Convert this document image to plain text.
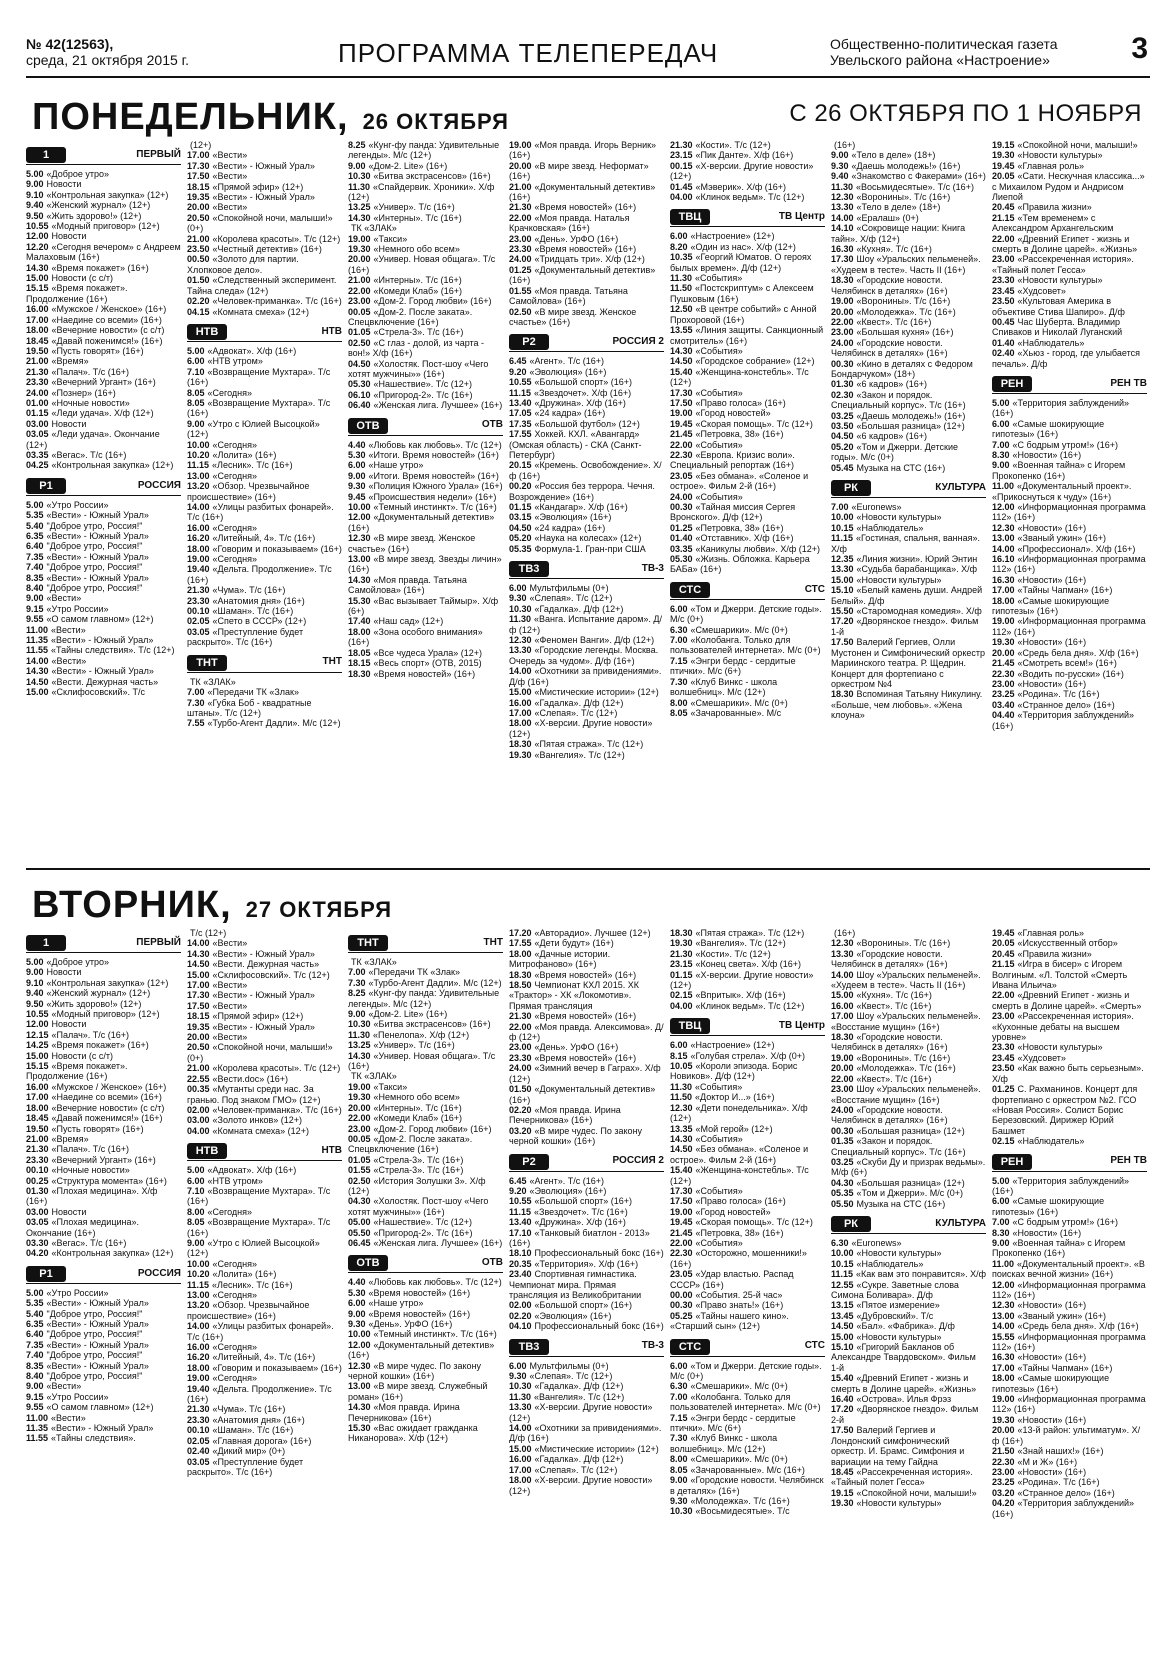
№ 42(12563),
среда, 21 октября 2015 г.	ПРОГРАММА ТЕЛЕПЕРЕДАЧ	Общественно-политическая газета
Увельского района «Настроение»	3
ПОНЕДЕЛЬНИК, 26 ОКТЯБРЯ	С 26 ОКТЯБРЯ ПО 1 НОЯБРЯ
1	ПЕРВЫЙ
5.00 «Доброе утро»
9.00 Новости
9.10 «Контрольная закупка» (12+)
9.40 «Женский журнал» (12+)
9.50 «Жить здорово!» (12+)
10.55 «Модный приговор» (12+)
12.00 Новости
12.20 «Сегодня вечером» с Андреем Малаховым (16+)
14.30 «Время покажет» (16+)
15.00 Новости (с с/т)
15.15 «Время покажет». Продолжение (16+)
16.00 «Мужское / Женское» (16+)
17.00 «Наедине со всеми» (16+)
18.00 «Вечерние новости» (с с/т)
18.45 «Давай поженимся!» (16+)
19.50 «Пусть говорят» (16+)
21.00 «Время»
21.30 «Палач». Т/с (16+)
23.30 «Вечерний Ургант» (16+)
24.00 «Познер» (16+)
01.00 «Ночные новости»
01.15 «Леди удача». Х/ф (12+)
03.00 Новости
03.05 «Леди удача». Окончание (12+)
03.35 «Вегас». Т/с (16+)
04.25 «Контрольная закупка» (12+)
Р1	РОССИЯ
5.00 «Утро России»
5.35 «Вести» - Южный Урал»
5.40 "Доброе утро, Россия!"
6.35 «Вести» - Южный Урал»
6.40 "Доброе утро, Россия!"
7.35 «Вести» - Южный Урал»
7.40 "Доброе утро, Россия!"
8.35 «Вести» - Южный Урал»
8.40 "Доброе утро, Россия!"
9.00 «Вести»
9.15 «Утро России»
9.55 «О самом главном» (12+)
11.00 «Вести»
11.35 «Вести» - Южный Урал»
11.55 «Тайны следствия». Т/с (12+)
14.00 «Вести»
14.30 «Вести» - Южный Урал»
14.50 «Вести. Дежурная часть»
15.00 «Склифосовский». Т/с
(12+)
17.00 «Вести»
17.30 «Вести» - Южный Урал»
17.50 «Вести»
18.15 «Прямой эфир» (12+)
19.35 «Вести» - Южный Урал»
20.00 «Вести»
20.50 «Спокойной ночи, малыши!» (0+)
21.00 «Королева красоты». Т/с (12+)
23.50 «Честный детектив» (16+)
00.50 «Золото для партии. Хлопковое дело».
01.50 «Следственный эксперимент. Тайна следа» (12+)
02.20 «Человек-приманка». Т/с (16+)
04.15 «Комната смеха» (12+)
НТВ	НТВ
5.00 «Адвокат». Х/ф (16+)
6.00 «НТВ утром»
7.10 «Возвращение Мухтара». Т/с (16+)
8.05 «Сегодня»
8.05 «Возвращение Мухтара». Т/с (16+)
9.00 «Утро с Юлией Высоцкой» (12+)
10.00 «Сегодня»
10.20 «Лолита» (16+)
11.15 «Лесник». Т/с (16+)
13.00 «Сегодня»
13.20 «Обзор. Чрезвычайное происшествие» (16+)
14.00 «Улицы разбитых фонарей». Т/с (16+)
16.00 «Сегодня»
16.20 «Литейный, 4». Т/с (16+)
18.00 «Говорим и показываем» (16+)
19.00 «Сегодня»
19.40 «Дельта. Продолжение». Т/с (16+)
21.30 «Чума». Т/с (16+)
23.30 «Анатомия дня» (16+)
00.10 «Шаман». Т/с (16+)
02.05 «Спето в СССР» (12+)
03.05 «Преступление будет раскрыто». Т/с (16+)
ТНТ	ТНТ
ТК «ЗЛАК»
7.00 «Передачи ТК «Злак»
7.30 «Губка Боб - квадратные штаны». Т/с (12+)
7.55 «Турбо-Агент Дадли». М/с (12+)
8.25 «Кунг-фу панда: Удивительные легенды». М/с (12+)
9.00 «Дом-2. Lite» (16+)
10.30 «Битва экстрасенсов» (16+)
11.30 «Спайдервик. Хроники». Х/ф (12+)
13.25 «Универ». Т/с (16+)
14.30 «Интерны». Т/с (16+)
ТК «ЗЛАК»
19.00 «Такси»
19.30 «Немного обо всем»
20.00 «Универ. Новая общага». Т/с (16+)
21.00 «Интерны». Т/с (16+)
22.00 «Комеди Клаб» (16+)
23.00 «Дом-2. Город любви» (16+)
00.05 «Дом-2. После заката». Спецвключение (16+)
01.05 «Стрела-3». Т/с (16+)
02.50 «С глаз - долой, из чарта - вон!» Х/ф (16+)
04.50 «Холостяк. Пост-шоу «Чего хотят мужчины»» (16+)
05.30 «Нашествие». Т/с (12+)
06.10 «Пригород-2». Т/с (16+)
06.40 «Женская лига. Лучшее» (16+)
ОТВ	ОТВ
4.40 «Любовь как любовь». Т/с (12+)
5.30 «Итоги. Время новостей» (16+)
6.00 «Наше утро»
9.00 «Итоги. Время новостей» (16+)
9.30 «Полиция Южного Урала» (16+)
9.45 «Происшествия недели» (16+)
10.00 «Темный инстинкт». Т/с (16+)
12.00 «Документальный детектив» (16+)
12.30 «В мире звезд. Женское счастье» (16+)
13.00 «В мире звезд. Звезды личин» (16+)
14.30 «Моя правда. Татьяна Самойлова» (16+)
15.30 «Вас вызывает Таймыр». Х/ф (6+)
17.40 «Наш сад» (12+)
18.00 «Зона особого внимания» (16+)
18.05 «Все чудеса Урала» (12+)
18.15 «Весь спорт» (ОТВ, 2015)
18.30 «Время новостей» (16+)
19.00 «Моя правда. Игорь Верник» (16+)
20.00 «В мире звезд. Неформат» (16+)
21.00 «Документальный детектив» (16+)
21.30 «Время новостей» (16+)
22.00 «Моя правда. Наталья Крачковская» (16+)
23.00 «День». УрФО (16+)
23.30 «Время новостей» (16+)
24.00 «Тридцать три». Х/ф (12+)
01.25 «Документальный детектив» (16+)
01.55 «Моя правда. Татьяна Самойлова» (16+)
02.50 «В мире звезд. Женское счастье» (16+)
Р2	РОССИЯ 2
6.45 «Агент». Т/с (16+)
9.20 «Эволюция» (16+)
10.55 «Большой спорт» (16+)
11.15 «Звездочет». Х/ф (16+)
13.40 «Дружина». Х/ф (16+)
17.05 «24 кадра» (16+)
17.35 «Большой футбол» (12+)
17.55 Хоккей. КХЛ. «Авангард» (Омская область) - СКА (Санкт-Петербург)
20.15 «Кремень. Освобождение». Х/ф (16+)
00.20 «Россия без террора. Чечня. Возрождение» (16+)
01.15 «Кандагар». Х/ф (16+)
03.15 «Эволюция» (16+)
04.50 «24 кадра» (16+)
05.20 «Наука на колесах» (12+)
05.35 Формула-1. Гран-при США
ТВ3	ТВ-3
6.00 Мультфильмы (0+)
9.30 «Слепая». Т/с (12+)
10.30 «Гадалка». Д/ф (12+)
11.30 «Ванга. Испытание даром». Д/ф (12+)
12.30 «Феномен Ванги». Д/ф (12+)
13.30 «Городские легенды. Москва. Очередь за чудом». Д/ф (16+)
14.00 «Охотники за привидениями». Д/ф (16+)
15.00 «Мистические истории» (12+)
16.00 «Гадалка». Д/ф (12+)
17.00 «Слепая». Т/с (12+)
18.00 «Х-версии. Другие новости» (12+)
18.30 «Пятая стража». Т/с (12+)
19.30 «Вангелия». Т/с (12+)
21.30 «Кости». Т/с (12+)
23.15 «Пик Данте». Х/ф (16+)
00.15 «Х-версии. Другие новости» (12+)
01.45 «Мэверик». Х/ф (16+)
04.00 «Клинок ведьм». Т/с (12+)
ТВЦ	ТВ Центр
6.00 «Настроение» (12+)
8.20 «Один из нас». Х/ф (12+)
10.35 «Георгий Юматов. О героях былых времен». Д/ф (12+)
11.30 «События»
11.50 «Постскриптум» с Алексеем Пушковым (16+)
12.50 «В центре событий» с Анной Прохоровой (16+)
13.55 «Линия защиты. Санкционный смотритель» (16+)
14.30 «События»
14.50 «Городское собрание» (12+)
15.40 «Женщина-констебль». Т/с (12+)
17.30 «События»
17.50 «Право голоса» (16+)
19.00 «Город новостей»
19.45 «Скорая помощь». Т/с (12+)
21.45 «Петровка, 38» (16+)
22.00 «События»
22.30 «Европа. Кризис воли». Специальный репортаж (16+)
23.05 «Без обмана». «Соленое и острое». Фильм 2-й (16+)
24.00 «События»
00.30 «Тайная миссия Сергея Вронского». Д/ф (12+)
01.25 «Петровка, 38» (16+)
01.40 «Отставник». Х/ф (16+)
03.35 «Каникулы любви». Х/ф (12+)
05.30 «Жизнь. Обложка. Карьера БАБа» (16+)
СТС	СТС
6.00 «Том и Джерри. Детские годы». М/с (0+)
6.30 «Смешарики». М/с (0+)
7.00 «Колобанга. Только для пользователей интернета». М/с (0+)
7.15 «Энгри бердс - сердитые птички». М/с (6+)
7.30 «Клуб Винкс - школа волшебниц». М/с (12+)
8.00 «Смешарики». М/с (0+)
8.05 «Зачарованные». М/с
(16+)
9.00 «Тело в деле» (18+)
9.30 «Даешь молодежь!» (16+)
9.40 «Знакомство с Факерами» (16+)
11.30 «Восьмидесятые». Т/с (16+)
12.30 «Воронины». Т/с (16+)
13.30 «Тело в деле» (18+)
14.00 «Ералаш» (0+)
14.10 «Сокровище нации: Книга тайн». Х/ф (12+)
16.30 «Кухня». Т/с (16+)
17.30 Шоу «Уральских пельменей». «Худеем в тесте». Часть II (16+)
18.30 «Городские новости. Челябинск в деталях» (16+)
19.00 «Воронины». Т/с (16+)
20.00 «Молодежка». Т/с (16+)
22.00 «Квест». Т/с (16+)
23.00 «Большая кухня» (16+)
24.00 «Городские новости. Челябинск в деталях» (16+)
00.30 «Кино в деталях с Федором Бондарчуком» (18+)
01.30 «6 кадров» (16+)
02.30 «Закон и порядок. Специальный корпус». Т/с (16+)
03.25 «Даешь молодежь!» (16+)
03.50 «Большая разница» (12+)
04.50 «6 кадров» (16+)
05.20 «Том и Джерри. Детские годы». М/с (0+)
05.45 Музыка на СТС (16+)
РК	КУЛЬТУРА
7.00 «Euronews»
10.00 «Новости культуры»
10.15 «Наблюдатель»
11.15 «Гостиная, спальня, ванная». Х/ф
12.35 «Линия жизни». Юрий Энтин
13.30 «Судьба барабанщика». Х/ф
15.00 «Новости культуры»
15.10 «Белый камень души. Андрей Белый». Д/ф
15.50 «Старомодная комедия». Х/ф
17.20 «Дворянское гнездо». Фильм 1-й
17.50 Валерий Гергиев, Олли Мустонен и Симфонический оркестр Мариинского театра. Р. Щедрин. Концерт для фортепиано с оркестром №4
18.30 Вспоминая Татьяну Никулину. «Больше, чем любовь». «Жена клоуна»
19.15 «Спокойной ночи, малыши!»
19.30 «Новости культуры»
19.45 «Главная роль»
20.05 «Сати. Нескучная классика...» с Михаилом Рудом и Андрисом Лиепой
20.45 «Правила жизни»
21.15 «Тем временем» с Александром Архангельским
22.00 «Древний Египет - жизнь и смерть в Долине царей». «Жизнь»
23.00 «Рассекреченная история». «Тайный полет Гесса»
23.30 «Новости культуры»
23.45 «Худсовет»
23.50 «Культовая Америка в объективе Стива Шапиро». Д/ф
00.45 Час Шуберта. Владимир Спиваков и Николай Луганский
01.40 «Наблюдатель»
02.40 «Хьюз - город, где улыбается печаль». Д/ф
РЕН	РЕН ТВ
5.00 «Территория заблуждений» (16+)
6.00 «Самые шокирующие гипотезы» (16+)
7.00 «С бодрым утром!» (16+)
8.30 «Новости» (16+)
9.00 «Военная тайна» с Игорем Прокопенко (16+)
11.00 «Документальный проект». «Прикоснуться к чуду» (16+)
12.00 «Информационная программа 112» (16+)
12.30 «Новости» (16+)
13.00 «Званый ужин» (16+)
14.00 «Профессионал». Х/ф (16+)
16.10 «Информационная программа 112» (16+)
16.30 «Новости» (16+)
17.00 «Тайны Чапман» (16+)
18.00 «Самые шокирующие гипотезы» (16+)
19.00 «Информационная программа 112» (16+)
19.30 «Новости» (16+)
20.00 «Средь бела дня». Х/ф (16+)
21.45 «Смотреть всем!» (16+)
22.30 «Водить по-русски» (16+)
23.00 «Новости» (16+)
23.25 «Родина». Т/с (16+)
03.40 «Странное дело» (16+)
04.40 «Территория заблуждений» (16+)
ВТОРНИК, 27 ОКТЯБРЯ
1	ПЕРВЫЙ
5.00 «Доброе утро»
9.00 Новости
9.10 «Контрольная закупка» (12+)
9.40 «Женский журнал» (12+)
9.50 «Жить здорово!» (12+)
10.55 «Модный приговор» (12+)
12.00 Новости
12.15 «Палач». Т/с (16+)
14.25 «Время покажет» (16+)
15.00 Новости (с с/т)
15.15 «Время покажет». Продолжение (16+)
16.00 «Мужское / Женское» (16+)
17.00 «Наедине со всеми» (16+)
18.00 «Вечерние новости» (с с/т)
18.45 «Давай поженимся!» (16+)
19.50 «Пусть говорят» (16+)
21.00 «Время»
21.30 «Палач». Т/с (16+)
23.30 «Вечерний Ургант» (16+)
00.10 «Ночные новости»
00.25 «Структура момента» (16+)
01.30 «Плохая медицина». Х/ф (16+)
03.00 Новости
03.05 «Плохая медицина». Окончание (16+)
03.30 «Вегас». Т/с (16+)
04.20 «Контрольная закупка» (12+)
Р1	РОССИЯ
5.00 «Утро России»
5.35 «Вести» - Южный Урал»
5.40 "Доброе утро, Россия!"
6.35 «Вести» - Южный Урал»
6.40 "Доброе утро, Россия!"
7.35 «Вести» - Южный Урал»
7.40 "Доброе утро, Россия!"
8.35 «Вести» - Южный Урал»
8.40 "Доброе утро, Россия!"
9.00 «Вести»
9.15 «Утро России»
9.55 «О самом главном» (12+)
11.00 «Вести»
11.35 «Вести» - Южный Урал»
11.55 «Тайны следствия».
Т/с (12+)
14.00 «Вести»
14.30 «Вести» - Южный Урал»
14.50 «Вести. Дежурная часть»
15.00 «Склифосовский». Т/с (12+)
17.00 «Вести»
17.30 «Вести» - Южный Урал»
17.50 «Вести»
18.15 «Прямой эфир» (12+)
19.35 «Вести» - Южный Урал»
20.00 «Вести»
20.50 «Спокойной ночи, малыши!» (0+)
21.00 «Королева красоты». Т/с (12+)
22.55 «Вести.doc» (16+)
00.35 «Мутанты среди нас. За гранью. Под знаком ГМО» (12+)
02.00 «Человек-приманка». Т/с (16+)
03.00 «Золото инков» (12+)
04.00 «Комната смеха» (12+)
НТВ	НТВ
5.00 «Адвокат». Х/ф (16+)
6.00 «НТВ утром»
7.10 «Возвращение Мухтара». Т/с (16+)
8.00 «Сегодня»
8.05 «Возвращение Мухтара». Т/с (16+)
9.00 «Утро с Юлией Высоцкой» (12+)
10.00 «Сегодня»
10.20 «Лолита» (16+)
11.15 «Лесник». Т/с (16+)
13.00 «Сегодня»
13.20 «Обзор. Чрезвычайное происшествие» (16+)
14.00 «Улицы разбитых фонарей». Т/с (16+)
16.00 «Сегодня»
16.20 «Литейный, 4». Т/с (16+)
18.00 «Говорим и показываем» (16+)
19.00 «Сегодня»
19.40 «Дельта. Продолжение». Т/с (16+)
21.30 «Чума». Т/с (16+)
23.30 «Анатомия дня» (16+)
00.10 «Шаман». Т/с (16+)
02.05 «Главная дорога» (16+)
02.40 «Дикий мир» (0+)
03.05 «Преступление будет раскрыто». Т/с (16+)
ТНТ	ТНТ
ТК «ЗЛАК»
7.00 «Передачи ТК «Злак»
7.30 «Турбо-Агент Дадли». М/с (12+)
8.25 «Кунг-фу панда: Удивительные легенды». М/с (12+)
9.00 «Дом-2. Lite» (16+)
10.30 «Битва экстрасенсов» (16+)
11.30 «Пенелопа». Х/ф (12+)
13.25 «Универ». Т/с (16+)
14.30 «Универ. Новая общага». Т/с (16+)
ТК «ЗЛАК»
19.00 «Такси»
19.30 «Немного обо всем»
20.00 «Интерны». Т/с (16+)
22.00 «Комеди Клаб» (16+)
23.00 «Дом-2. Город любви» (16+)
00.05 «Дом-2. После заката». Спецвключение (16+)
01.05 «Стрела-3». Т/с (16+)
01.55 «Стрела-3». Т/с (16+)
02.50 «История Золушки 3». Х/ф (12+)
04.30 «Холостяк. Пост-шоу «Чего хотят мужчины»» (16+)
05.00 «Нашествие». Т/с (12+)
05.50 «Пригород-2». Т/с (16+)
06.45 «Женская лига. Лучшее» (16+)
ОТВ	ОТВ
4.40 «Любовь как любовь». Т/с (12+)
5.30 «Время новостей» (16+)
6.00 «Наше утро»
9.00 «Время новостей» (16+)
9.30 «День». УрФО (16+)
10.00 «Темный инстинкт». Т/с (16+)
12.00 «Документальный детектив» (16+)
12.30 «В мире чудес. По закону черной кошки» (16+)
13.00 «В мире звезд. Служебный роман» (16+)
14.30 «Моя правда. Ирина Печерникова» (16+)
15.30 «Вас ожидает гражданка Никанорова». Х/ф (12+)
17.20 «Авторадио». Лучшее (12+)
17.55 «Дети будут» (16+)
18.00 «Дачные истории. Митрофаново» (16+)
18.30 «Время новостей» (16+)
18.50 Чемпионат КХЛ 2015. ХК «Трактор» - ХК «Локомотив». Прямая трансляция
21.30 «Время новостей» (16+)
22.00 «Моя правда. Алексимова». Д/ф (12+)
23.00 «День». УрФО (16+)
23.30 «Время новостей» (16+)
24.00 «Зимний вечер в Гаграх». Х/ф (12+)
01.50 «Документальный детектив» (16+)
02.20 «Моя правда. Ирина Печерникова» (16+)
03.20 «В мире чудес. По закону черной кошки» (16+)
Р2	РОССИЯ 2
6.45 «Агент». Т/с (16+)
9.20 «Эволюция» (16+)
10.55 «Большой спорт» (16+)
11.15 «Звездочет». Т/с (16+)
13.40 «Дружина». Х/ф (16+)
17.10 «Танковый биатлон - 2013» (16+)
18.10 Профессиональный бокс (16+)
20.35 «Территория». Х/ф (16+)
23.40 Спортивная гимнастика. Чемпионат мира. Прямая трансляция из Великобритании
02.00 «Большой спорт» (16+)
02.20 «Эволюция» (16+)
04.10 Профессиональный бокс (16+)
ТВ3	ТВ-3
6.00 Мультфильмы (0+)
9.30 «Слепая». Т/с (12+)
10.30 «Гадалка». Д/ф (12+)
11.30 «Вангелия». Т/с (12+)
13.30 «Х-версии. Другие новости» (12+)
14.00 «Охотники за привидениями». Д/ф (16+)
15.00 «Мистические истории» (12+)
16.00 «Гадалка». Д/ф (12+)
17.00 «Слепая». Т/с (12+)
18.00 «Х-версии. Другие новости» (12+)
18.30 «Пятая стража». Т/с (12+)
19.30 «Вангелия». Т/с (12+)
21.30 «Кости». Т/с (12+)
23.15 «Конец света». Х/ф (16+)
01.15 «Х-версии. Другие новости» (12+)
02.15 «Впритык». Х/ф (16+)
04.00 «Клинок ведьм». Т/с (12+)
ТВЦ	ТВ Центр
6.00 «Настроение» (12+)
8.15 «Голубая стрела». Х/ф (0+)
10.05 «Короли эпизода. Борис Новиков». Д/ф (12+)
11.30 «События»
11.50 «Доктор И...» (16+)
12.30 «Дети понедельника». Х/ф (12+)
13.35 «Мой герой» (12+)
14.30 «События»
14.50 «Без обмана». «Соленое и острое». Фильм 2-й (16+)
15.40 «Женщина-констебль». Т/с (12+)
17.30 «События»
17.50 «Право голоса» (16+)
19.00 «Город новостей»
19.45 «Скорая помощь». Т/с (12+)
21.45 «Петровка, 38» (16+)
22.00 «События»
22.30 «Осторожно, мошенники!» (16+)
23.05 «Удар властью. Распад СССР» (16+)
00.00 «События. 25-й час»
00.30 «Право знать!» (16+)
05.25 «Тайны нашего кино». «Старший сын» (12+)
СТС	СТС
6.00 «Том и Джерри. Детские годы». М/с (0+)
6.30 «Смешарики». М/с (0+)
7.00 «Колобанга. Только для пользователей интернета». М/с (0+)
7.15 «Энгри бердс - сердитые птички». М/с (6+)
7.30 «Клуб Винкс - школа волшебниц». М/с (12+)
8.00 «Смешарики». М/с (0+)
8.05 «Зачарованные». М/с (16+)
9.00 «Городские новости. Челябинск в деталях» (16+)
9.30 «Молодежка». Т/с (16+)
10.30 «Восьмидесятые». Т/с
(16+)
12.30 «Воронины». Т/с (16+)
13.30 «Городские новости. Челябинск в деталях» (16+)
14.00 Шоу «Уральских пельменей». «Худеем в тесте». Часть II (16+)
15.00 «Кухня». Т/с (16+)
16.00 «Квест». Т/с (16+)
17.00 Шоу «Уральских пельменей». «Восстание мущин» (16+)
18.30 «Городские новости. Челябинск в деталях» (16+)
19.00 «Воронины». Т/с (16+)
20.00 «Молодежка». Т/с (16+)
22.00 «Квест». Т/с (16+)
23.00 Шоу «Уральских пельменей». «Восстание мущин» (16+)
24.00 «Городские новости. Челябинск в деталях» (16+)
00.30 «Большая разница» (12+)
01.35 «Закон и порядок. Специальный корпус». Т/с (16+)
03.25 «Скуби Ду и призрак ведьмы». М/ф (6+)
04.30 «Большая разница» (12+)
05.35 «Том и Джерри». М/с (0+)
05.50 Музыка на СТС (16+)
РК	КУЛЬТУРА
6.30 «Euronews»
10.00 «Новости культуры»
10.15 «Наблюдатель»
11.15 «Как вам это понравится». Х/ф
12.55 «Сукре. Заветные слова Симона Боливара». Д/ф
13.15 «Пятое измерение»
13.45 «Дубровский». Т/с
14.50 «Бал». «Фабрика». Д/ф
15.00 «Новости культуры»
15.10 «Григорий Бакланов об Александре Твардовском». Фильм 1-й
15.40 «Древний Египет - жизнь и смерть в Долине царей». «Жизнь»
16.40 «Острова». Илья Фрэз
17.20 «Дворянское гнездо». Фильм 2-й
17.50 Валерий Гергиев и Лондонский симфонический оркестр. И. Брамс. Симфония и вариации на тему Гайдна
18.45 «Рассекреченная история». «Тайный полет Гесса»
19.15 «Спокойной ночи, малыши!»
19.30 «Новости культуры»
19.45 «Главная роль»
20.05 «Искусственный отбор»
20.45 «Правила жизни»
21.15 «Игра в бисер» с Игорем Волгиным. «Л. Толстой «Смерть Ивана Ильича»
22.00 «Древний Египет - жизнь и смерть в Долине царей». «Смерть»
23.00 «Рассекреченная история». «Кухонные дебаты на высшем уровне»
23.30 «Новости культуры»
23.45 «Худсовет»
23.50 «Как важно быть серьезным». Х/ф
01.25 С. Рахманинов. Концерт для фортепиано с оркестром №2. ГСО «Новая Россия». Солист Борис Березовский. Дирижер Юрий Башмет
02.15 «Наблюдатель»
РЕН	РЕН ТВ
5.00 «Территория заблуждений» (16+)
6.00 «Самые шокирующие гипотезы» (16+)
7.00 «С бодрым утром!» (16+)
8.30 «Новости» (16+)
9.00 «Военная тайна» с Игорем Прокопенко (16+)
11.00 «Документальный проект». «В поисках вечной жизни» (16+)
12.00 «Информационная программа 112» (16+)
12.30 «Новости» (16+)
13.00 «Званый ужин» (16+)
14.00 «Средь бела дня». Х/ф (16+)
15.55 «Информационная программа 112» (16+)
16.30 «Новости» (16+)
17.00 «Тайны Чапман» (16+)
18.00 «Самые шокирующие гипотезы» (16+)
19.00 «Информационная программа 112» (16+)
19.30 «Новости» (16+)
20.00 «13-й район: ультиматум». Х/ф (16+)
21.50 «Знай наших!» (16+)
22.30 «М и Ж» (16+)
23.00 «Новости» (16+)
23.25 «Родина». Т/с (16+)
03.20 «Странное дело» (16+)
04.20 «Территория заблуждений» (16+)
